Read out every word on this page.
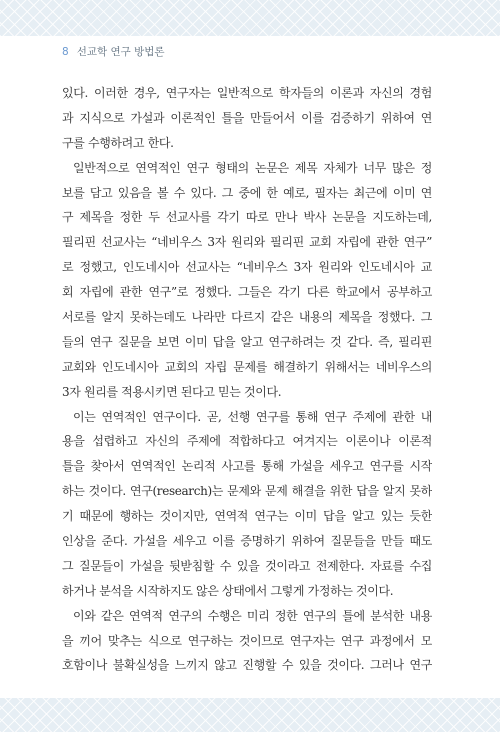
8 선교학 연구 방법론
있다. 이러한 경우, 연구자는 일반적으로 학자들의 이론과 자신의 경험
과 지식으로 가설과 이론적인 틀을 만들어서 이를 검증하기 위하여 연
구를 수행하려고 한다.
일반적으로 연역적인 연구 형태의 논문은 제목 자체가 너무 많은 정
보를 담고 있음을 볼 수 있다. 그 중에 한 예로, 필자는 최근에 이미 연
구 제목을 정한 두 선교사를 각기 따로 만나 박사 논문을 지도하는데,
필리핀 선교사는 “네비우스 3자 원리와 필리핀 교회 자립에 관한 연구”
로 정했고, 인도네시아 선교사는 “네비우스 3자 원리와 인도네시아 교
회 자립에 관한 연구”로 정했다. 그들은 각기 다른 학교에서 공부하고
서로를 알지 못하는데도 나라만 다르지 같은 내용의 제목을 정했다. 그
들의 연구 질문을 보면 이미 답을 알고 연구하려는 것 같다. 즉, 필리핀
교회와 인도네시아 교회의 자립 문제를 해결하기 위해서는 네비우스의
3자 원리를 적용시키면 된다고 믿는 것이다.
이는 연역적인 연구이다. 곧, 선행 연구를 통해 연구 주제에 관한 내
용을 섭렵하고 자신의 주제에 적합하다고 여겨지는 이론이나 이론적
틀을 찾아서 연역적인 논리적 사고를 통해 가설을 세우고 연구를 시작
하는 것이다. 연구(research)는 문제와 문제 해결을 위한 답을 알지 못하
기 때문에 행하는 것이지만, 연역적 연구는 이미 답을 알고 있는 듯한
인상을 준다. 가설을 세우고 이를 증명하기 위하여 질문들을 만들 때도
그 질문들이 가설을 뒷받침할 수 있을 것이라고 전제한다. 자료를 수집
하거나 분석을 시작하지도 않은 상태에서 그렇게 가정하는 것이다.
이와 같은 연역적 연구의 수행은 미리 정한 연구의 틀에 분석한 내용
을 끼어 맞추는 식으로 연구하는 것이므로 연구자는 연구 과정에서 모
호함이나 불확실성을 느끼지 않고 진행할 수 있을 것이다. 그러나 연구
